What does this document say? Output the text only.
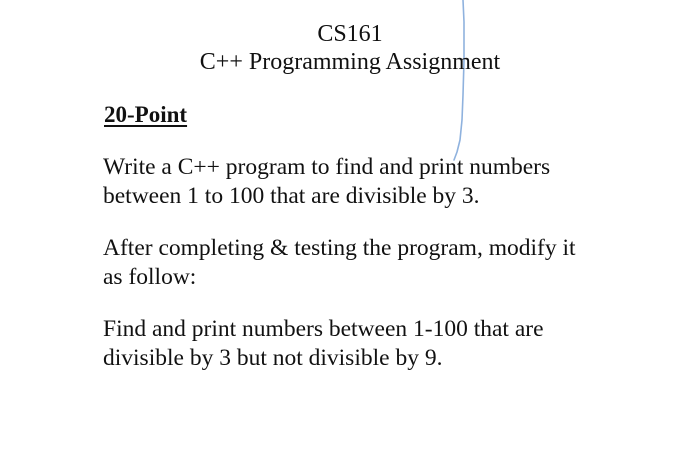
CS161
C++ Programming Assignment
20-Point

Write a C++ program to find and print numbers
between 1 to 100 that are divisible by 3.

After completing & testing the program, modify it
as follow:

Find and print numbers between 1-100 that are
divisible by 3 but not divisible by 9.
